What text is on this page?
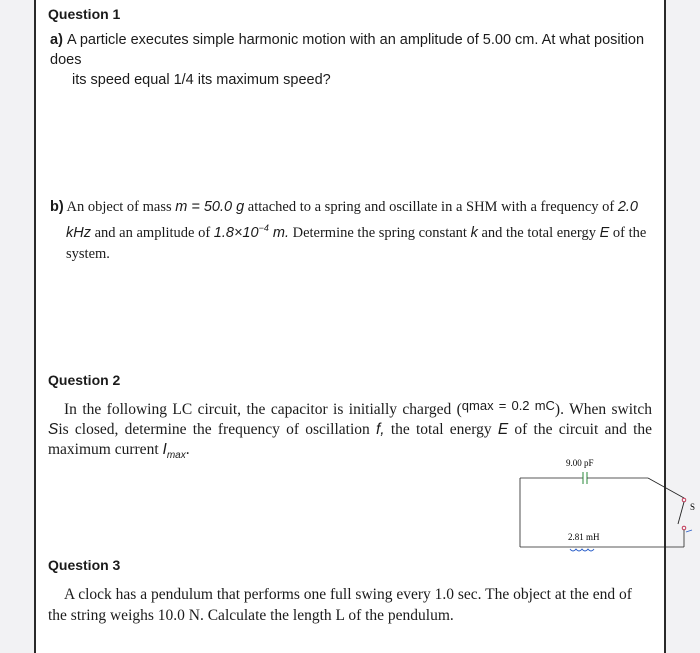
Question 1
a) A particle executes simple harmonic motion with an amplitude of 5.00 cm. At what position does
its speed equal 1/4 its maximum speed?
b) An object of mass m = 50.0 g attached to a spring and oscillate in a SHM with a frequency of 2.0
kHz and an amplitude of $1.8\times 10^{-4}$ m. Determine the spring constant k and the total energy E of the
system.
Question 2
In the following LC circuit, the capacitor is initially charged ($^{qmax = 0.2 mC}$). When switch Sis closed, determine the frequency of oscillation f, the total energy E of the circuit and the maximum current $I_{max}$.
9.00 pF
2.81 mH
S
Question 3
A clock has a pendulum that performs one full swing every 1.0 sec. The object at the end of the string weighs 10.0 N. Calculate the length L of the pendulum.
